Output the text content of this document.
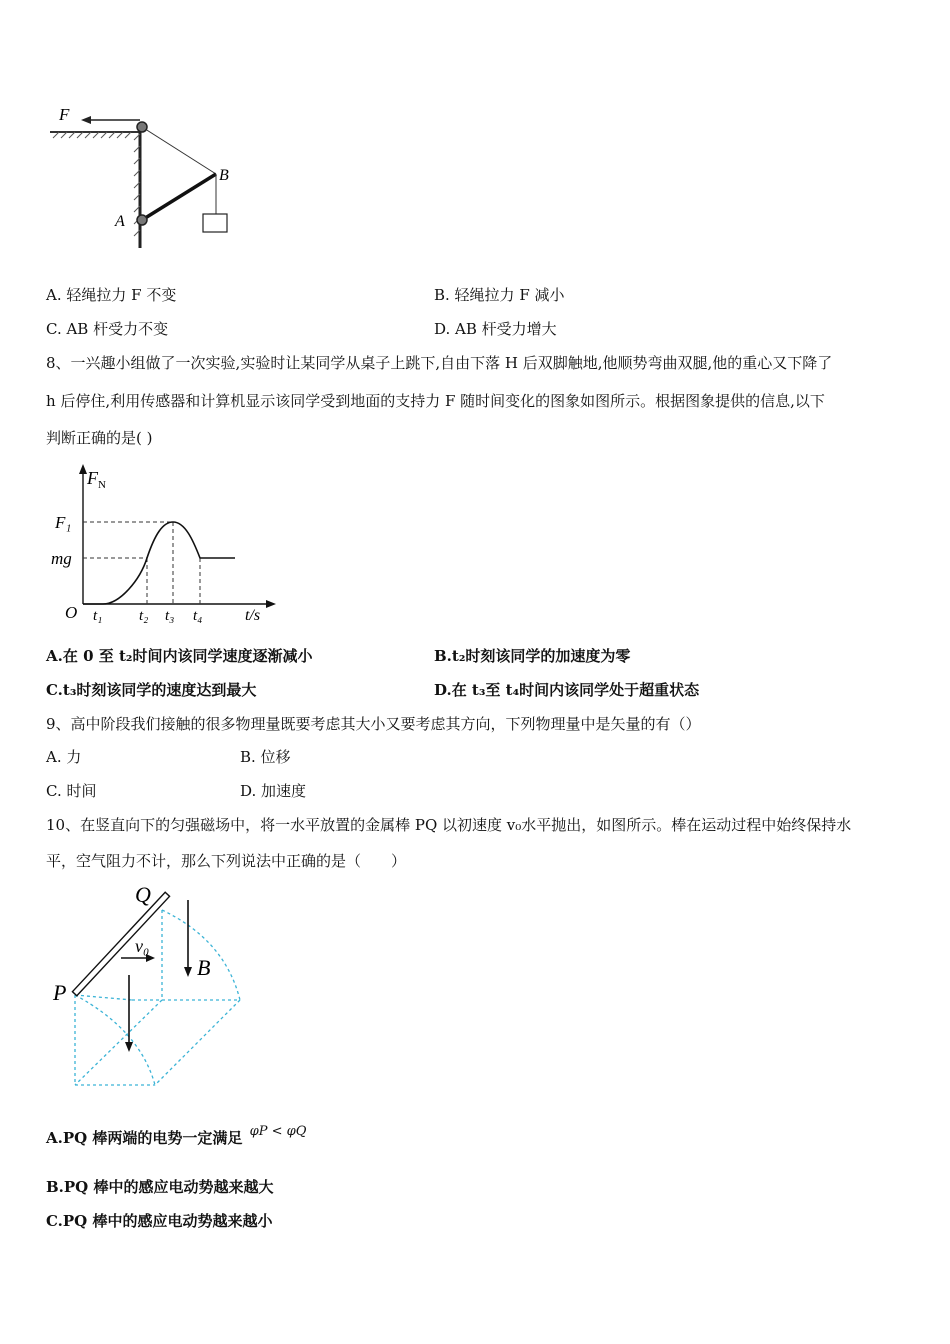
F
B
A
A. 轻绳拉力 F 不变	B. 轻绳拉力 F 减小
C. AB 杆受力不变	D. AB 杆受力增大
8、一兴趣小组做了一次实验,实验时让某同学从桌子上跳下,自由下落 H 后双脚触地,他顺势弯曲双腿,他的重心又下降了
h 后停住,利用传感器和计算机显示该同学受到地面的支持力 F 随时间变化的图象如图所示。根据图象提供的信息,以下
判断正确的是( )
$F_N$
F₁
mg
O t₁ t₂ t₃ t₄	t/s
A.在 0 至 t₂时间内该同学速度逐渐减小	B.t₂时刻该同学的加速度为零
C.t₃时刻该同学的速度达到最大	D.在 t₃至 t₄时间内该同学处于超重状态
9、高中阶段我们接触的很多物理量既要考虑其大小又要考虑其方向，下列物理量中是矢量的有（）
A. 力	B. 位移
C. 时间	D. 加速度
10、在竖直向下的匀强磁场中，将一水平放置的金属棒 PQ 以初速度 v₀水平抛出，如图所示。棒在运动过程中始终保持水
平，空气阻力不计，那么下列说法中正确的是（　　）
Q
P
v₀
B
A.PQ 棒两端的电势一定满足 φP < φQ
B.PQ 棒中的感应电动势越来越大
C.PQ 棒中的感应电动势越来越小
